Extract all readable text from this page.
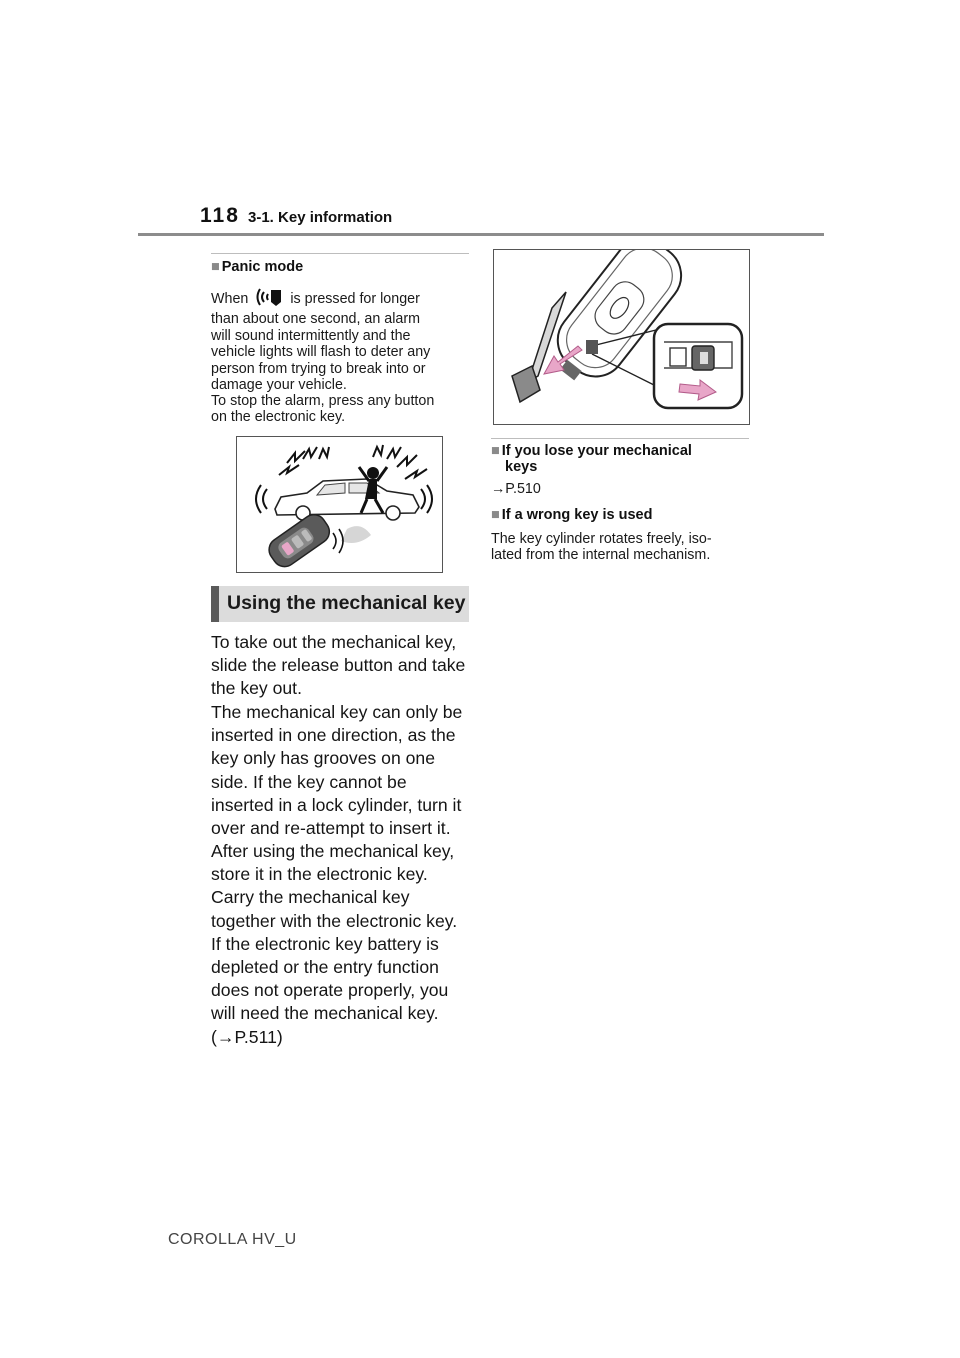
118 3-1. Key information
■ Panic mode
When	is pressed for longer
than about one second, an alarm
will sound intermittently and the
vehicle lights will flash to deter any
person from trying to break into or
damage your vehicle.
To stop the alarm, press any button
on the electronic key.
Using the mechanical key
To take out the mechanical key,
slide the release button and take
the key out.
The mechanical key can only be
inserted in one direction, as the
key only has grooves on one
side. If the key cannot be
inserted in a lock cylinder, turn it
over and re-attempt to insert it.
After using the mechanical key,
store it in the electronic key.
Carry the mechanical key
together with the electronic key.
If the electronic key battery is
depleted or the entry function
does not operate properly, you
will need the mechanical key.
(→P.511)
■ If you lose your mechanical
keys
→P.510
■ If a wrong key is used
The key cylinder rotates freely, iso-
lated from the internal mechanism.
COROLLA HV_U
